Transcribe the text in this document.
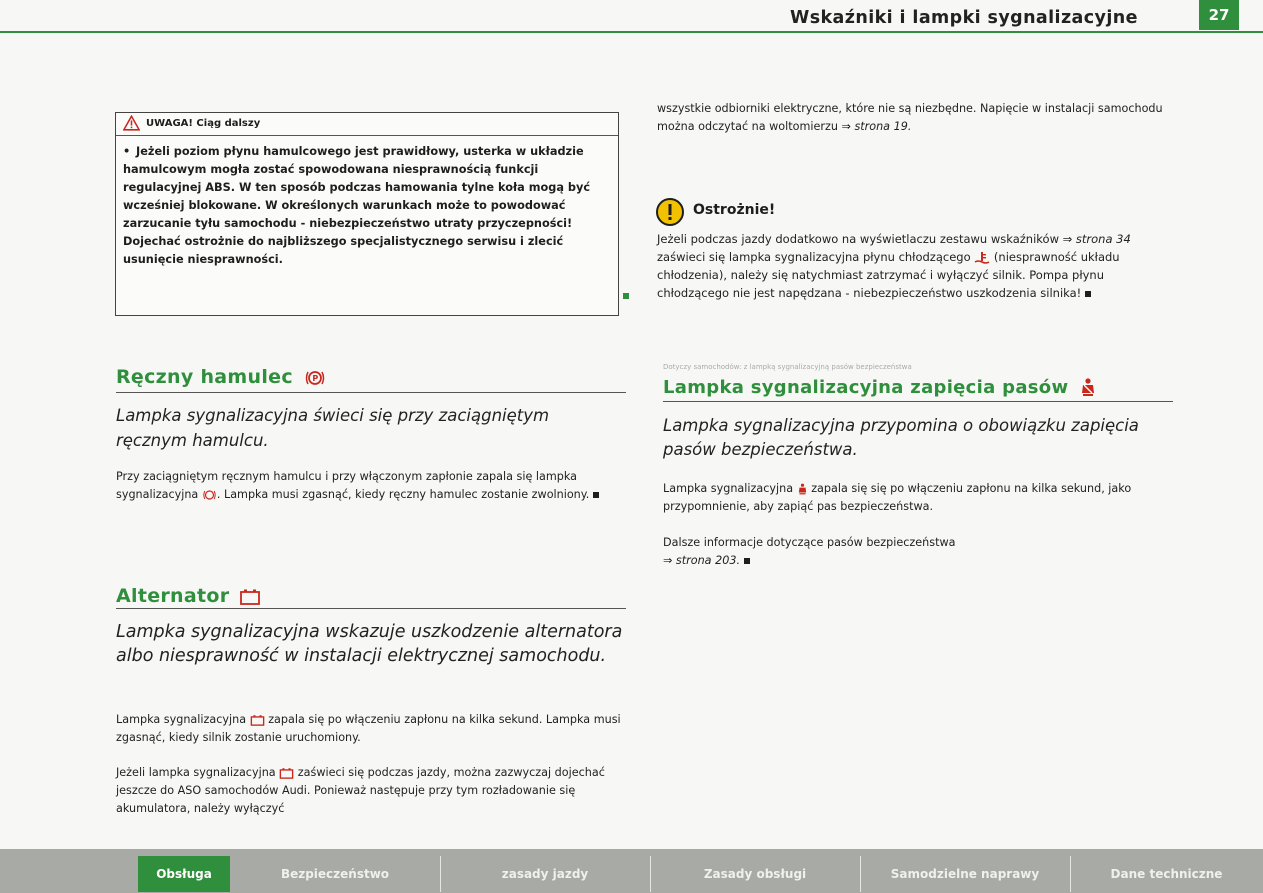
Wskaźniki i lampki sygnalizacyjne	27
UWAGA! Ciąg dalszy
• Jeżeli poziom płynu hamulcowego jest prawidłowy, usterka w układzie hamulcowym mogła zostać spowodowana niesprawnością funkcji regulacyjnej ABS. W ten sposób podczas hamowania tylne koła mogą być wcześniej blokowane. W określonych warunkach może to powodować zarzucanie tyłu samochodu - niebezpieczeństwo utraty przyczepności! Dojechać ostrożnie do najbliższego specjalistycznego serwisu i zlecić usunięcie niesprawności.
Ręczny hamulec P

Lampka sygnalizacyjna świeci się przy zaciągniętym ręcznym hamulcu.

Przy zaciągniętym ręcznym hamulcu i przy włączonym zapłonie zapala się lampka sygnalizacyjna . Lampka musi zgasnąć, kiedy ręczny hamulec zostanie zwolniony.

Alternator

Lampka sygnalizacyjna wskazuje uszkodzenie alternatora albo niesprawność w instalacji elektrycznej samochodu.

Lampka sygnalizacyjna zapala się po włączeniu zapłonu na kilka sekund. Lampka musi zgasnąć, kiedy silnik zostanie uruchomiony.

Jeżeli lampka sygnalizacyjna zaświeci się podczas jazdy, można zazwyczaj dojechać jeszcze do ASO samochodów Audi. Ponieważ następuje przy tym rozładowanie się akumulatora, należy wyłączyć

wszystkie odbiorniki elektryczne, które nie są niezbędne. Napięcie w instalacji samochodu można odczytać na woltomierzu ⇒ strona 19.

Ostrożnie!

Jeżeli podczas jazdy dodatkowo na wyświetlaczu zestawu wskaźników ⇒ strona 34 zaświeci się lampka sygnalizacyjna płynu chłodzącego (niesprawność układu chłodzenia), należy się natychmiast zatrzymać i wyłączyć silnik. Pompa płynu chłodzącego nie jest napędzana - niebezpieczeństwo uszkodzenia silnika!

Dotyczy samochodów: z lampką sygnalizacyjną pasów bezpieczeństwa
Lampka sygnalizacyjna zapięcia pasów

Lampka sygnalizacyjna przypomina o obowiązku zapięcia pasów bezpieczeństwa.

Lampka sygnalizacyjna zapala się się po włączeniu zapłonu na kilka sekund, jako przypomnienie, aby zapiąć pas bezpieczeństwa.

Dalsze informacje dotyczące pasów bezpieczeństwa
⇒ strona 203.

Obsługa	Bezpieczeństwo	zasady jazdy	Zasady obsługi	Samodzielne naprawy	Dane techniczne
